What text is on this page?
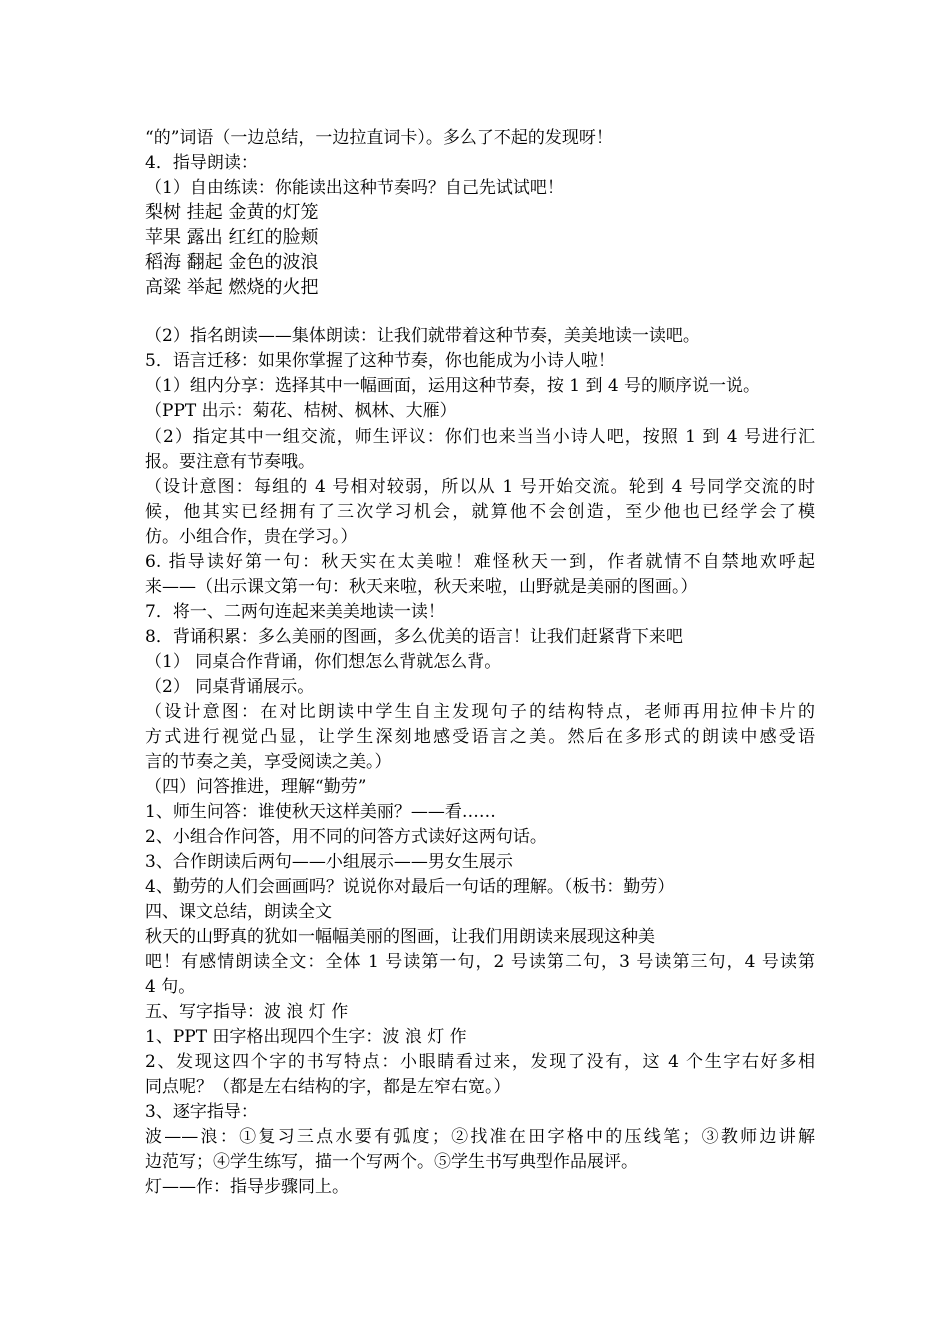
“的”词语（一边总结，一边拉直词卡）。多么了不起的发现呀！
4．指导朗读：
（1）自由练读：你能读出这种节奏吗？自己先试试吧！
梨树 挂起 金黄的灯笼
苹果 露出 红红的脸颊
稻海 翻起 金色的波浪
高粱 举起 燃烧的火把
（2）指名朗读——集体朗读：让我们就带着这种节奏，美美地读一读吧。
5．语言迁移：如果你掌握了这种节奏，你也能成为小诗人啦！
（1）组内分享：选择其中一幅画面，运用这种节奏，按 1 到 4 号的顺序说一说。
（PPT 出示：菊花、桔树、枫林、大雁）
（2）指定其中一组交流，师生评议：你们也来当当小诗人吧，按照 1 到 4 号进行汇
报。要注意有节奏哦。
（设计意图：每组的 4 号相对较弱，所以从 1 号开始交流。轮到 4 号同学交流的时
候，他其实已经拥有了三次学习机会，就算他不会创造，至少他也已经学会了模
仿。小组合作，贵在学习。）
6. 指导读好第一句：秋天实在太美啦！难怪秋天一到，作者就情不自禁地欢呼起
来——（出示课文第一句：秋天来啦，秋天来啦，山野就是美丽的图画。）
7．将一、二两句连起来美美地读一读！
8．背诵积累：多么美丽的图画，多么优美的语言！让我们赶紧背下来吧
（1） 同桌合作背诵，你们想怎么背就怎么背。
（2） 同桌背诵展示。
（设计意图：在对比朗读中学生自主发现句子的结构特点，老师再用拉伸卡片的
方式进行视觉凸显，让学生深刻地感受语言之美。然后在多形式的朗读中感受语
言的节奏之美，享受阅读之美。）
（四）问答推进，理解“勤劳”
1、师生问答：谁使秋天这样美丽？——看……
2、小组合作问答，用不同的问答方式读好这两句话。
3、合作朗读后两句——小组展示——男女生展示
4、勤劳的人们会画画吗？说说你对最后一句话的理解。（板书：勤劳）
四、课文总结，朗读全文
秋天的山野真的犹如一幅幅美丽的图画，让我们用朗读来展现这种美
吧！有感情朗读全文：全体 1 号读第一句，2 号读第二句，3 号读第三句，4 号读第
4 句。
五、写字指导：波 浪 灯 作
1、PPT 田字格出现四个生字：波 浪 灯 作
2、发现这四个字的书写特点：小眼睛看过来，发现了没有，这 4 个生字右好多相
同点呢？（都是左右结构的字，都是左窄右宽。）
3、逐字指导：
波——浪：①复习三点水要有弧度；②找准在田字格中的压线笔；③教师边讲解
边范写；④学生练写，描一个写两个。⑤学生书写典型作品展评。
灯——作：指导步骤同上。
